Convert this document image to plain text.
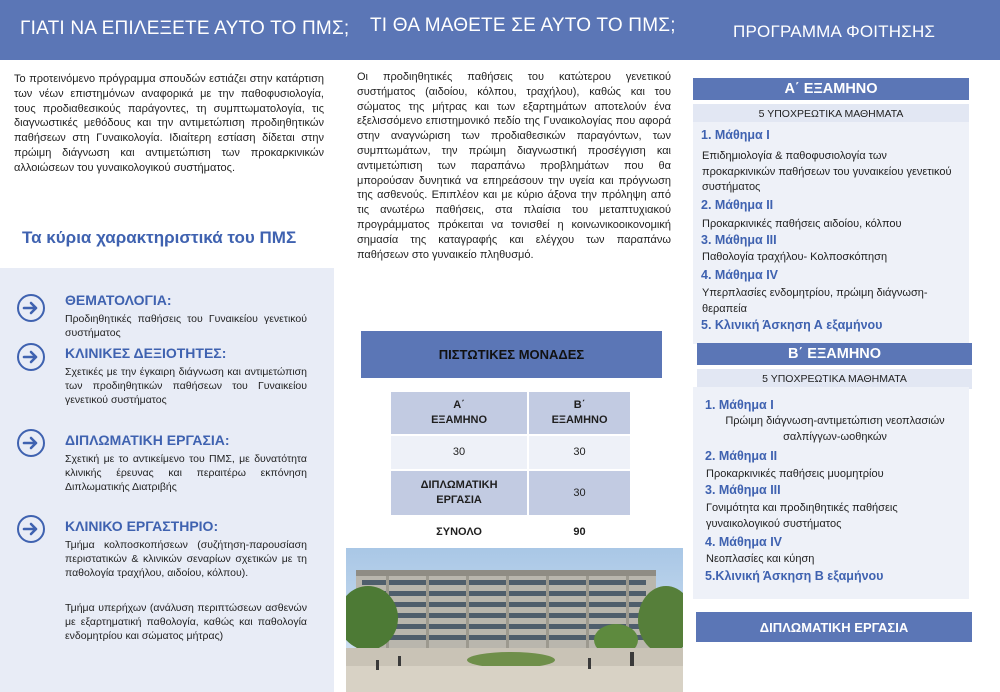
ΓΙΑΤΙ ΝΑ ΕΠΙΛΕΞΕΤΕ ΑΥΤΟ ΤΟ ΠΜΣ; ΤΙ ΘΑ ΜΑΘΕΤΕ ΣΕ ΑΥΤΟ ΤΟ ΠΜΣ;	ΠΡΟΓΡΑΜΜΑ ΦΟΙΤΗΣΗΣ
Το προτεινόμενο πρόγραμμα σπουδών εστιάζει στην κατάρτιση των νέων επιστημόνων αναφορικά με την παθοφυσιολογία, τους προδιαθεσικούς παράγοντες, τη συμπτωματολογία, τις διαγνωστικές μεθόδους και την αντιμετώπιση προδιηθητικών παθήσεων στη Γυναικολογία. Ιδιαίτερη εστίαση δίδεται στην πρώιμη διάγνωση και αντιμετώπιση των προκαρκινικών αλλοιώσεων του γυναικολογικού συστήματος.
Τα κύρια χαρακτηριστικά του ΠΜΣ
ΘΕΜΑΤΟΛΟΓΙΑ:
Προδιηθητικές παθήσεις του Γυναικείου γενετικού συστήματος
ΚΛΙΝΙΚΕΣ ΔΕΞΙΟΤΗΤΕΣ:
Σχετικές με την έγκαιρη διάγνωση και αντιμετώπιση των προδιηθητικών παθήσεων του Γυναικείου γενετικού συστήματος
ΔΙΠΛΩΜΑΤΙΚΗ ΕΡΓΑΣΙΑ:
Σχετική με το αντικείμενο του ΠΜΣ, με δυνατότητα κλινικής έρευνας και περαιτέρω εκπόνηση Διπλωματικής Διατριβής
ΚΛΙΝΙΚΟ ΕΡΓΑΣΤΗΡΙΟ:
Τμήμα κολποσκοπήσεων (συζήτηση-παρουσίαση περιστατικών & κλινικών σεναρίων σχετικών με τη παθολογία τραχήλου, αιδοίου, κόλπου).
Τμήμα υπερήχων (ανάλυση περιπτώσεων ασθενών με εξαρτηματική παθολογία, καθώς και παθολογία ενδομητρίου και σώματος μήτρας)
Οι προδιηθητικές παθήσεις του κατώτερου γενετικού συστήματος (αιδοίου, κόλπου, τραχήλου), καθώς και του σώματος της μήτρας και των εξαρτημάτων αποτελούν ένα εξελισσόμενο επιστημονικό πεδίο της Γυναικολογίας που αφορά στην αναγνώριση των προδιαθεσικών παραγόντων, των συμπτωμάτων, την πρώιμη διαγνωστική προσέγγιση και αντιμετώπιση των παραπάνω προβλημάτων που θα μπορούσαν δυνητικά να επηρεάσουν την υγεία και πρόγνωση της ασθενούς. Επιπλέον και με κύριο άξονα την πρόληψη από τις ανωτέρω παθήσεις, στα πλαίσια του μεταπτυχιακού προγράμματος πρόκειται να τονισθεί η κοινωνικοοικονομική σημασία της καταγραφής και ελέγχου των παραπάνω παθήσεων στο γυναικείο πληθυσμό.
ΠΙΣΤΩΤΙΚΕΣ ΜΟΝΑΔΕΣ
Α΄
ΕΞΑΜΗΝΟ	Β΄
ΕΞΑΜΗΝΟ
30	30
ΔΙΠΛΩΜΑΤΙΚΗ
ΕΡΓΑΣΙΑ	30
ΣΥΝΟΛΟ	90
Α΄ ΕΞΑΜΗΝΟ
5 ΥΠΟΧΡΕΩΤΙΚΑ ΜΑΘΗΜΑΤΑ
1. Μάθημα Ι
Επιδημιολογία & παθοφυσιολογία των προκαρκινικών παθήσεων του γυναικείου γενετικού συστήματος
2. Μάθημα ΙΙ
Προκαρκινικές παθήσεις αιδοίου, κόλπου
3. Μάθημα ΙΙΙ
Παθολογία τραχήλου- Κολποσκόπηση
4. Μάθημα IV
Υπερπλασίες ενδομητρίου, πρώιμη διάγνωση-θεραπεία
5. Κλινική Άσκηση Α εξαμήνου
Β΄ ΕΞΑΜΗΝΟ
5 ΥΠΟΧΡΕΩΤΙΚΑ ΜΑΘΗΜΑΤΑ
1. Μάθημα Ι
Πρώιμη διάγνωση-αντιμετώπιση νεοπλασιών σαλπίγγων-ωοθηκών
2. Μάθημα ΙΙ
Προκαρκινικές παθήσεις μυομητρίου
3. Μάθημα ΙΙΙ
Γονιμότητα και προδιηθητικές παθήσεις γυναικολογικού συστήματος
4. Μάθημα IV
Νεοπλασίες και κύηση
5.Κλινική Άσκηση Β εξαμήνου
ΔΙΠΛΩΜΑΤΙΚΗ ΕΡΓΑΣΙΑ
